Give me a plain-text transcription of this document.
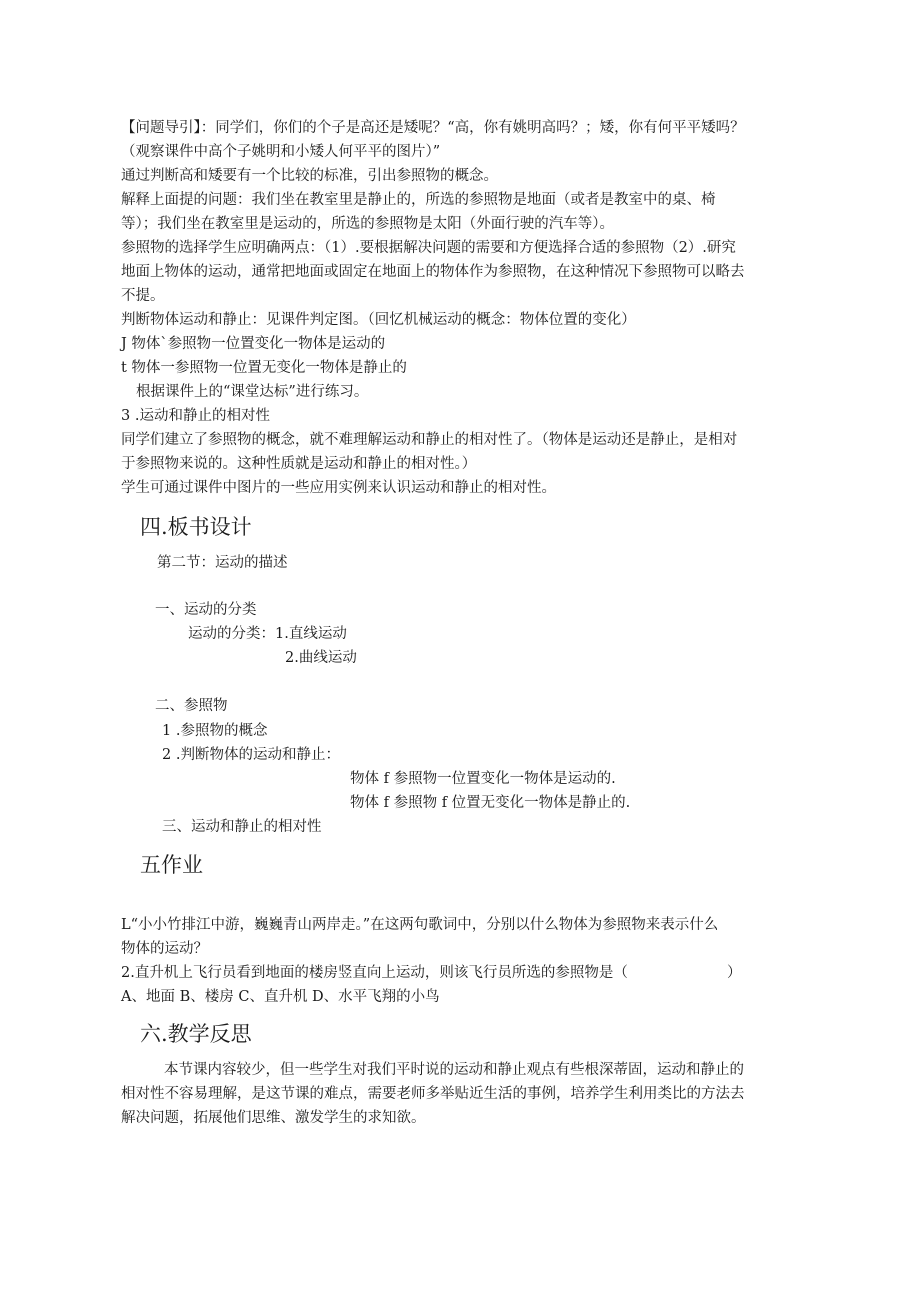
【问题导引】：同学们，你们的个子是高还是矮呢？“高，你有姚明高吗？；矮，你有何平平矮吗？
（观察课件中高个子姚明和小矮人何平平的图片）”
通过判断高和矮要有一个比较的标准，引出参照物的概念。
解释上面提的问题：我们坐在教室里是静止的，所选的参照物是地面（或者是教室中的桌、椅
等）；我们坐在教室里是运动的，所选的参照物是太阳（外面行驶的汽车等）。
参照物的选择学生应明确两点：（1）.要根据解决问题的需要和方便选择合适的参照物（2）.研究
地面上物体的运动，通常把地面或固定在地面上的物体作为参照物，在这种情况下参照物可以略去
不提。
判断物体运动和静止：见课件判定图。（回忆机械运动的概念：物体位置的变化）
J 物体`参照物一位置变化一物体是运动的
t 物体一参照物一位置无变化一物体是静止的
根据课件上的“课堂达标”进行练习。
3 .运动和静止的相对性
同学们建立了参照物的概念，就不难理解运动和静止的相对性了。（物体是运动还是静止，是相对
于参照物来说的。这种性质就是运动和静止的相对性。）
学生可通过课件中图片的一些应用实例来认识运动和静止的相对性。
四.板书设计
第二节：运动的描述
一、运动的分类
运动的分类：1.直线运动
2.曲线运动
二、参照物
1 .参照物的概念
2 .判断物体的运动和静止：
物体 f 参照物一位置变化一物体是运动的.
物体 f 参照物 f 位置无变化一物体是静止的.
三、运动和静止的相对性
五作业
L“小小竹排江中游，巍巍青山两岸走。”在这两句歌词中，分别以什么物体为参照物来表示什么
物体的运动？
2.直升机上飞行员看到地面的楼房竖直向上运动，则该飞行员所选的参照物是（	）
A、地面 B、楼房 C、直升机 D、水平飞翔的小鸟
六.教学反思
本节课内容较少，但一些学生对我们平时说的运动和静止观点有些根深蒂固，运动和静止的
相对性不容易理解，是这节课的难点，需要老师多举贴近生活的事例，培养学生利用类比的方法去
解决问题，拓展他们思维、激发学生的求知欲。
